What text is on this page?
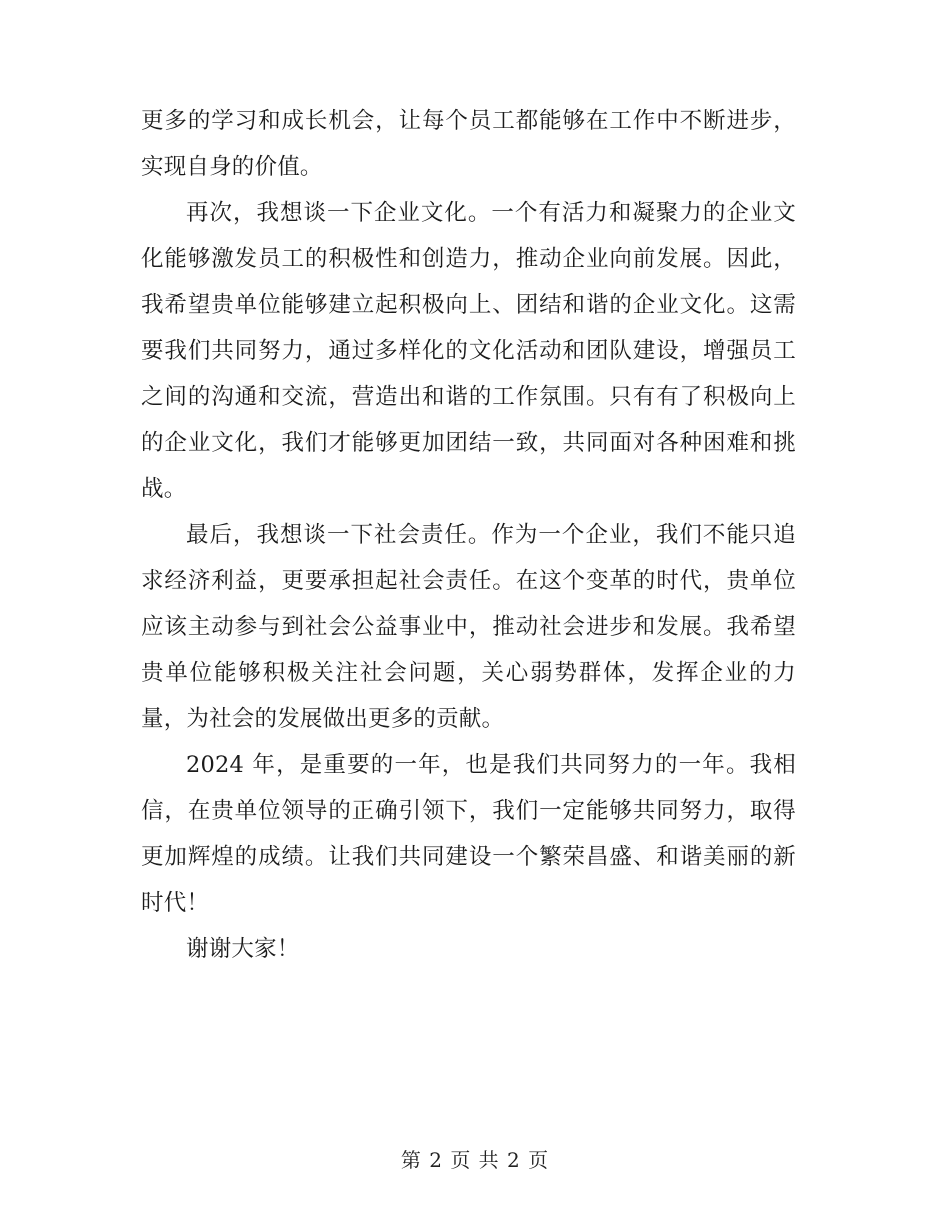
更多的学习和成长机会，让每个员工都能够在工作中不断进步，实现自身的价值。

再次，我想谈一下企业文化。一个有活力和凝聚力的企业文化能够激发员工的积极性和创造力，推动企业向前发展。因此，我希望贵单位能够建立起积极向上、团结和谐的企业文化。这需要我们共同努力，通过多样化的文化活动和团队建设，增强员工之间的沟通和交流，营造出和谐的工作氛围。只有有了积极向上的企业文化，我们才能够更加团结一致，共同面对各种困难和挑战。

最后，我想谈一下社会责任。作为一个企业，我们不能只追求经济利益，更要承担起社会责任。在这个变革的时代，贵单位应该主动参与到社会公益事业中，推动社会进步和发展。我希望贵单位能够积极关注社会问题，关心弱势群体，发挥企业的力量，为社会的发展做出更多的贡献。

2024 年，是重要的一年，也是我们共同努力的一年。我相信，在贵单位领导的正确引领下，我们一定能够共同努力，取得更加辉煌的成绩。让我们共同建设一个繁荣昌盛、和谐美丽的新时代！

谢谢大家！

第 2 页 共 2 页
